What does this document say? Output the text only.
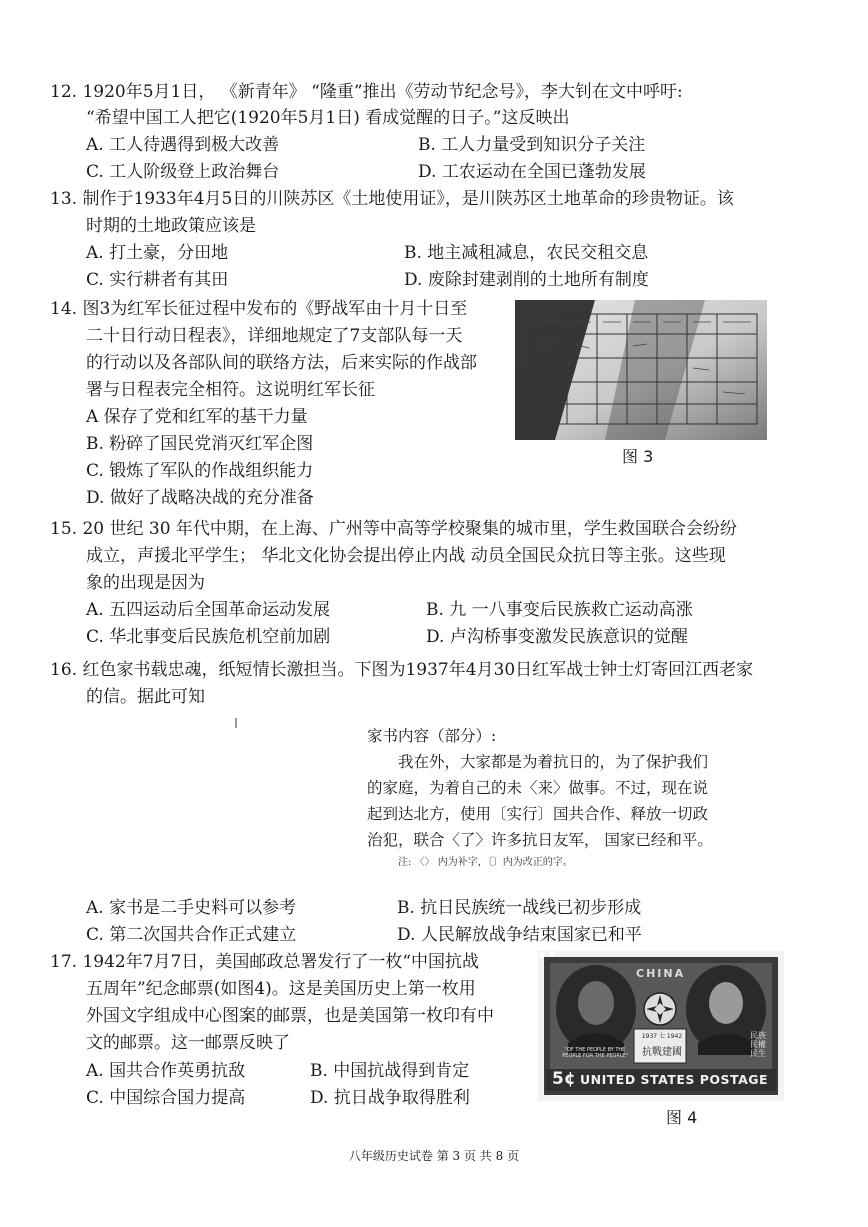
12. 1920年5月1日， 《新青年》 “隆重”推出《劳动节纪念号》，李大钊在文中呼吁:
“希望中国工人把它(1920年5月1日) 看成觉醒的日子。”这反映出
A. 工人待遇得到极大改善	B. 工人力量受到知识分子关注
C. 工人阶级登上政治舞台	D. 工农运动在全国已蓬勃发展
13. 制作于1933年4月5日的川陕苏区《土地使用证》，是川陕苏区土地革命的珍贵物证。该
时期的土地政策应该是
A. 打土豪，分田地	B. 地主减租减息，农民交租交息
C. 实行耕者有其田	D. 废除封建剥削的土地所有制度
14. 图3为红军长征过程中发布的《野战军由十月十日至
二十日行动日程表》，详细地规定了7支部队每一天
的行动以及各部队间的联络方法，后来实际的作战部
署与日程表完全相符。这说明红军长征
A 保存了党和红军的基干力量
B. 粉碎了国民党消灭红军企图
C. 锻炼了军队的作战组织能力
D. 做好了战略决战的充分准备
图 3
15. 20 世纪 30 年代中期，在上海、广州等中高等学校聚集的城市里，学生救国联合会纷纷
成立，声援北平学生； 华北文化协会提出停止内战 动员全国民众抗日等主张。这些现
象的出现是因为
A. 五四运动后全国革命运动发展	B. 九 一八事变后民族救亡运动高涨
C. 华北事变后民族危机空前加剧	D. 卢沟桥事变激发民族意识的觉醒
16. 红色家书载忠魂，纸短情长激担当。下图为1937年4月30日红军战士钟士灯寄回江西老家
的信。据此可知
家书内容（部分）:
我在外，大家都是为着抗日的，为了保护我们
的家庭，为着自己的未〈来〉做事。不过，现在说
起到达北方，使用〔实行〕国共合作、释放一切政
治犯，联合〈了〉许多抗日友军， 国家已经和平。
注: 〈〉 内为补字，〔〕内为改正的字。
A. 家书是二手史料可以参考	B. 抗日民族统一战线已初步形成
C. 第二次国共合作正式建立	D. 人民解放战争结束国家已和平
17. 1942年7月7日，美国邮政总署发行了一枚“中国抗战
五周年”纪念邮票(如图4)。这是美国历史上第一枚用
外国文字组成中心图案的邮票，也是美国第一枚印有中
文的邮票。这一邮票反映了
A. 国共合作英勇抗敌	B. 中国抗战得到肯定
C. 中国综合国力提高	D. 抗日战争取得胜利
CHINA
1937 七 1942
抗戰建國
"OF THE PEOPLE BY THE PEOPLE FOR THE PEOPLE"
民族 民權 民生
5¢ UNITED STATES POSTAGE
图 4
八年级历史试卷 第 3 页 共 8 页
